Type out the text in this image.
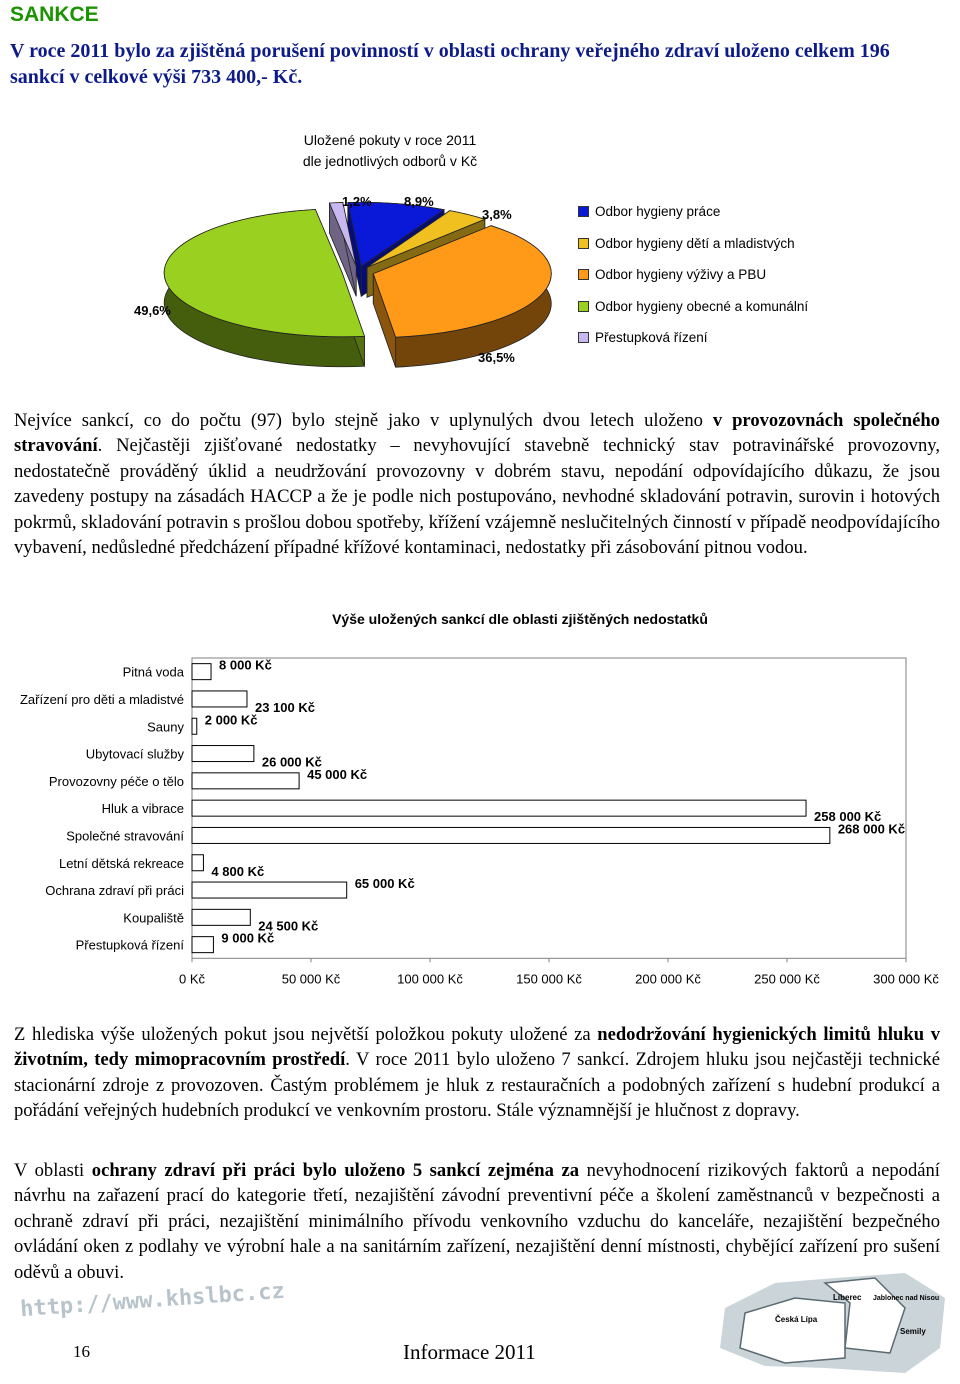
SANKCE

V roce 2011 bylo za zjištěná porušení povinností v oblasti ochrany veřejného zdraví uloženo celkem 196 sankcí v celkové výši 733 400,- Kč.

Uložené pokuty v roce 2011
dle jednotlivých odborů v Kč
1,2% 8,9%
3,8%
49,6%
36,5%
Odbor hygieny práce
Odbor hygieny dětí a mladistvých
Odbor hygieny výživy a PBU
Odbor hygieny obecné a komunální
Přestupková řízení

Nejvíce sankcí, co do počtu (97) bylo stejně jako v uplynulých dvou letech uloženo v provozovnách společného stravování. Nejčastěji zjišťované nedostatky – nevyhovující stavebně technický stav potravinářské provozovny, nedostatečně prováděný úklid a neudržování provozovny v dobrém stavu, nepodání odpovídajícího důkazu, že jsou zavedeny postupy na zásadách HACCP a že je podle nich postupováno, nevhodné skladování potravin, surovin i hotových pokrmů, skladování potravin s prošlou dobou spotřeby, křížení vzájemně neslučitelných činností v případě neodpovídajícího vybavení, nedůsledné předcházení případné křížové kontaminaci, nedostatky při zásobování pitnou vodou.

Výše uložených sankcí dle oblasti zjištěných nedostatků
0 Kč	50 000 Kč	100 000 Kč	150 000 Kč	200 000 Kč	250 000 Kč	300 000 Kč
Pitná voda	8 000 Kč
Zařízení pro děti a mladistvé
23 100 Kč
Sauny 2 000 Kč
Ubytovací služby
26 000 Kč
Provozovny péče o tělo	45 000 Kč
Hluk a vibrace
258 000 Kč
Společné stravování	268 000 Kč
Letní dětská rekreace
4 800 Kč
Ochrana zdraví při práci	65 000 Kč
Koupaliště
24 500 Kč
Přestupková řízení	9 000 Kč

Z hlediska výše uložených pokut jsou největší položkou pokuty uložené za nedodržování hygienických limitů hluku v životním, tedy mimopracovním prostředí. V roce 2011 bylo uloženo 7 sankcí. Zdrojem hluku jsou nejčastěji technické stacionární zdroje z provozoven. Častým problémem je hluk z restauračních a podobných zařízení s hudební produkcí a pořádání veřejných hudebních produkcí ve venkovním prostoru. Stále významnější je hlučnost z dopravy.

V oblasti ochrany zdraví při práci bylo uloženo 5 sankcí zejména za nevyhodnocení rizikových faktorů a nepodání návrhu na zařazení prací do kategorie třetí, nezajištění závodní preventivní péče a školení zaměstnanců v bezpečnosti a ochraně zdraví při práci, nezajištění minimálního přívodu venkovního vzduchu do kanceláře, nezajištění bezpečného ovládání oken z podlahy ve výrobní hale a na sanitárním zařízení, nezajištění denní místnosti, chybějící zařízení pro sušení oděvů a obuvi.

http://www.khslbc.cz	Liberec Jablonec nad Nisou
Česká Lípa
Semily
16	Informace 2011
